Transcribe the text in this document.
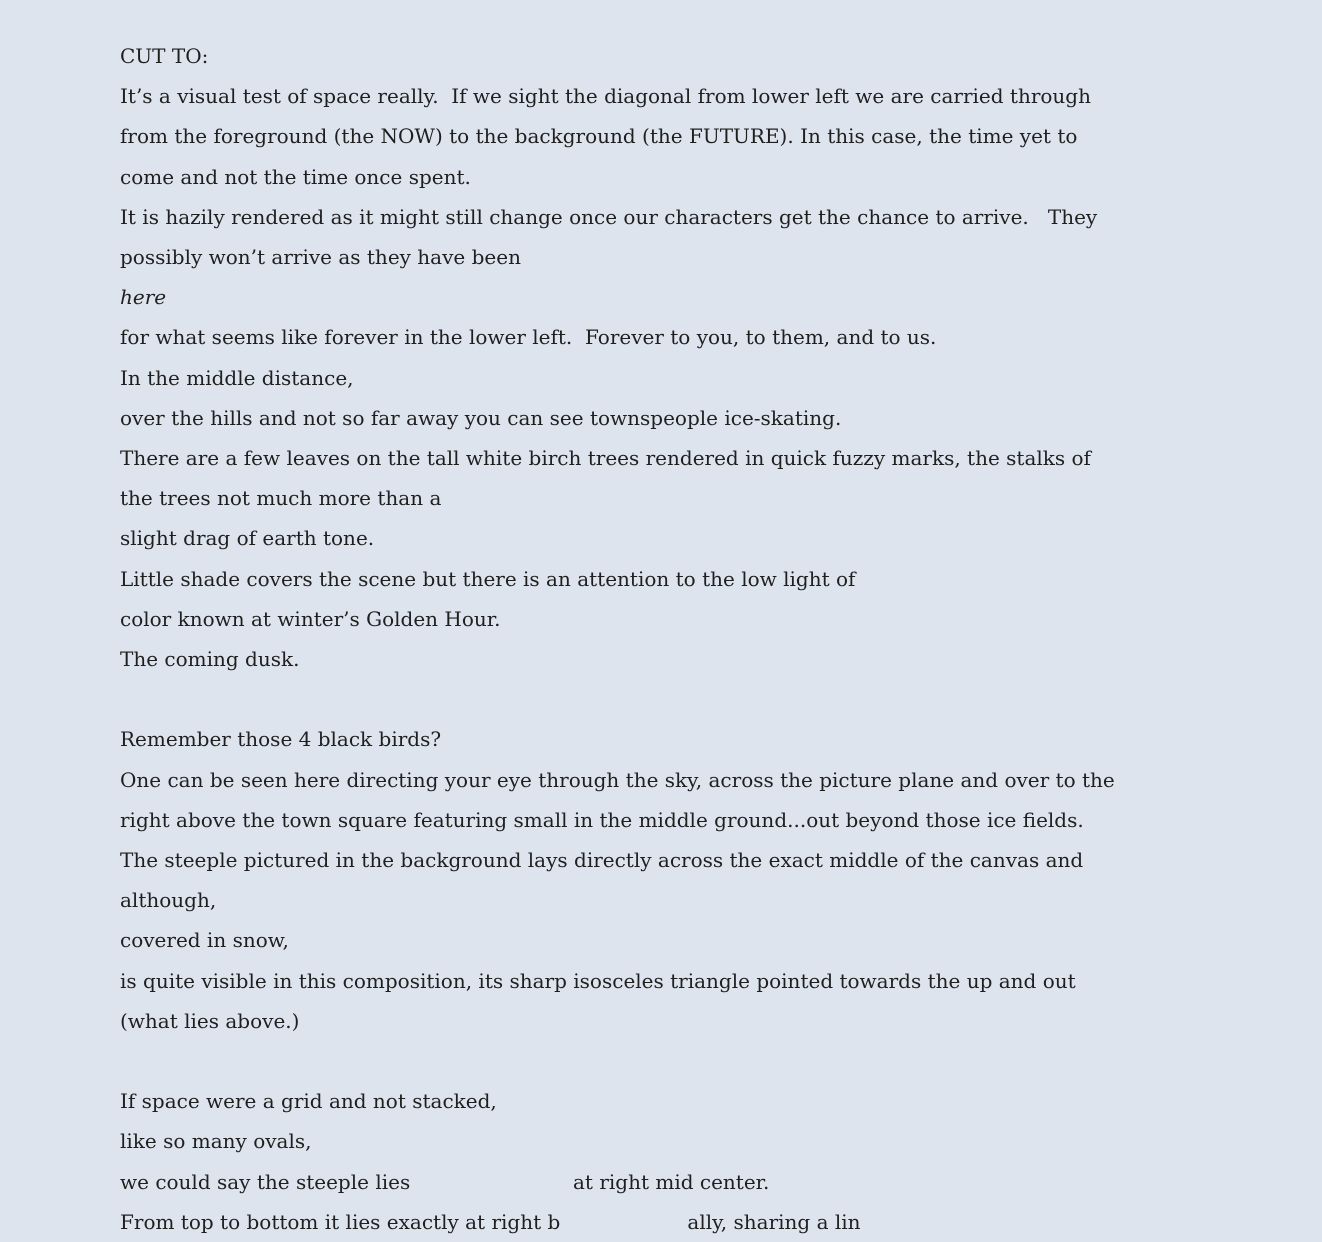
CUT TO:

It’s a visual test of space really.  If we sight the diagonal from lower left we are carried through

from the foreground (the NOW) to the background (the FUTURE). In this case, the time yet to

come and not the time once spent.

It is hazily rendered as it might still change once our characters get the chance to arrive.   They

possibly won’t arrive as they have been

here

for what seems like forever in the lower left.  Forever to you, to them, and to us.

In the middle distance,

over the hills and not so far away you can see townspeople ice-skating.

There are a few leaves on the tall white birch trees rendered in quick fuzzy marks, the stalks of

the trees not much more than a

slight drag of earth tone.

Little shade covers the scene but there is an attention to the low light of

color known at winter’s Golden Hour.

The coming dusk.

Remember those 4 black birds?

One can be seen here directing your eye through the sky, across the picture plane and over to the

right above the town square featuring small in the middle ground...out beyond those ice fields.

The steeple pictured in the background lays directly across the exact middle of the canvas and

although,

covered in snow,

is quite visible in this composition, its sharp isosceles triangle pointed towards the up and out

(what lies above.)

If space were a grid and not stacked,

like so many ovals,

we could say the steeple lies	at right mid center.

From top to bottom it lies exactly at right b                    ally, sharing a lin
